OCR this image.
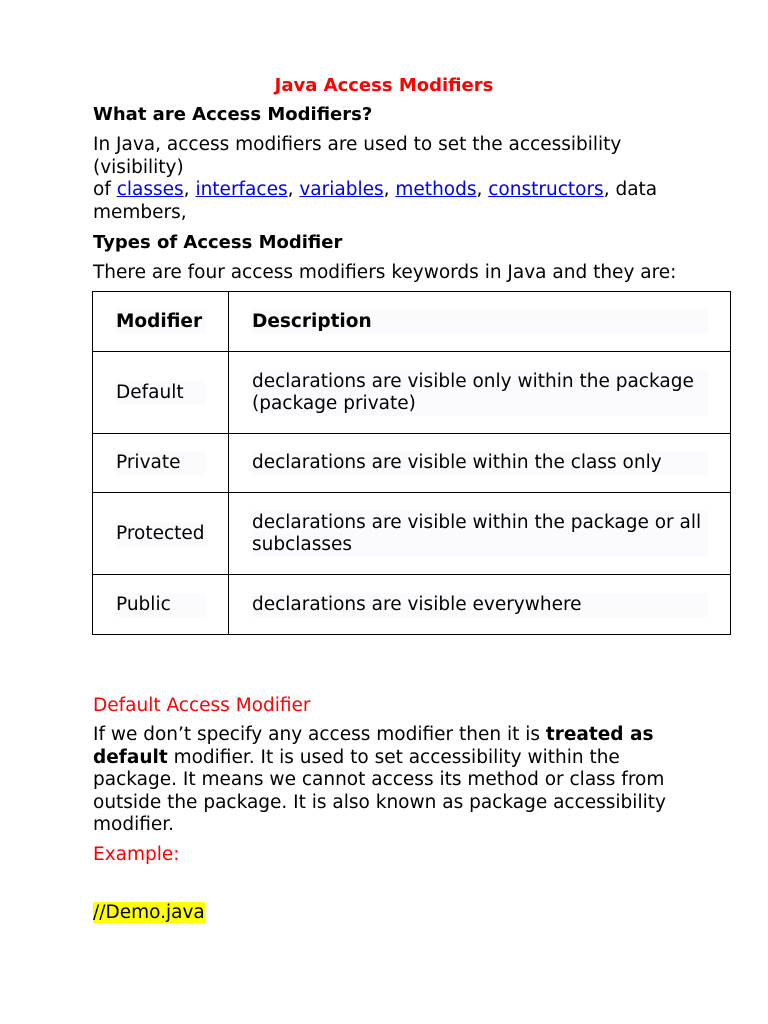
Java Access Modifiers
What are Access Modifiers?
In Java, access modifiers are used to set the accessibility
(visibility)
of classes, interfaces, variables, methods, constructors, data
members,
Types of Access Modifier
There are four access modifiers keywords in Java and they are:
Modifier	Description

Default	declarations are visible only within the package (package private)

Private	declarations are visible within the class only

Protected	declarations are visible within the package or all subclasses

Public	declarations are visible everywhere
Default Access Modifier
If we don’t specify any access modifier then it is treated as default modifier. It is used to set accessibility within the package. It means we cannot access its method or class from outside the package. It is also known as package accessibility modifier.
Example:
//Demo.java
